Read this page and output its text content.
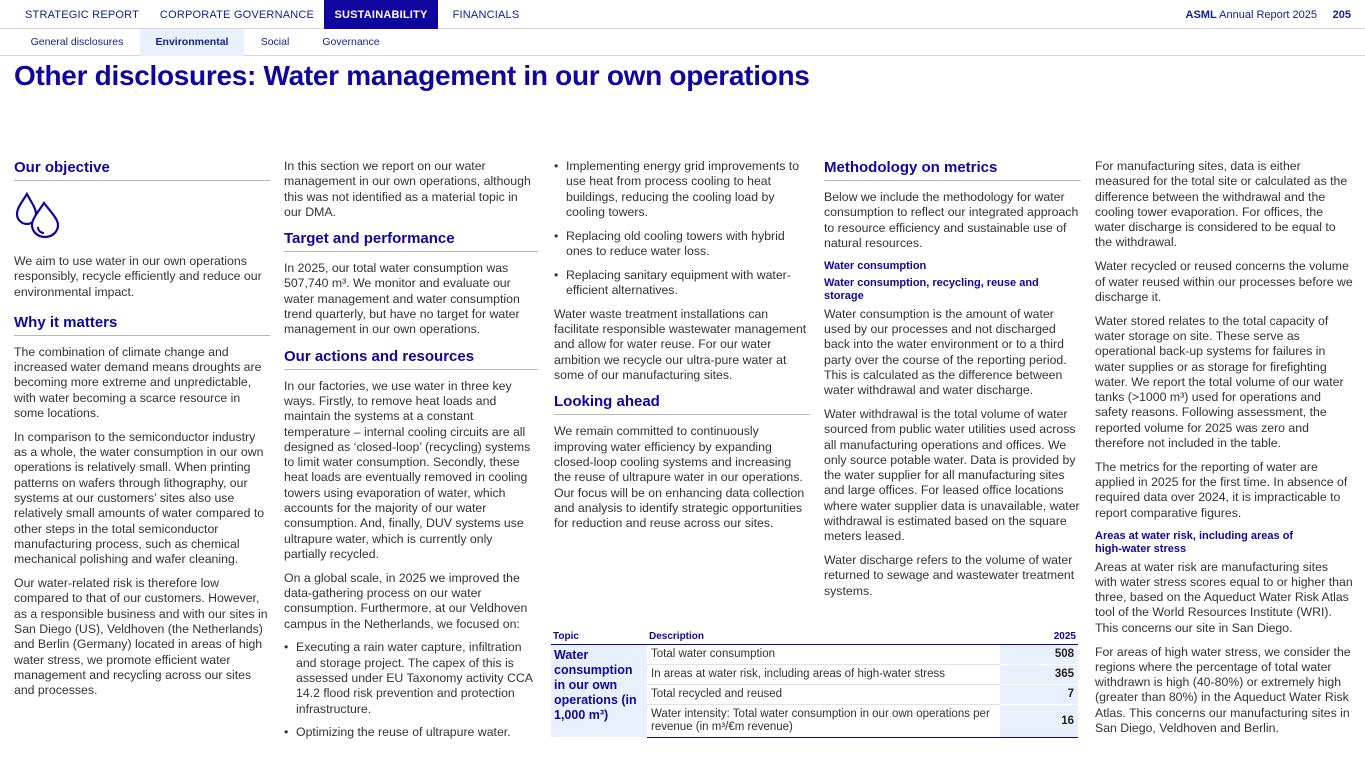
STRATEGIC REPORT	CORPORATE GOVERNANCE	SUSTAINABILITY	FINANCIALS	ASML Annual Report 2025 205
General disclosures	Environmental	Social	Governance
Other disclosures: Water management in our own operations
Our objective

We aim to use water in our own operations responsibly, recycle efficiently and reduce our environmental impact.

Why it matters

The combination of climate change and increased water demand means droughts are becoming more extreme and unpredictable, with water becoming a scarce resource in some locations.

In comparison to the semiconductor industry as a whole, the water consumption in our own operations is relatively small. When printing patterns on wafers through lithography, our systems at our customers’ sites also use relatively small amounts of water compared to other steps in the total semiconductor manufacturing process, such as chemical mechanical polishing and wafer cleaning.

Our water-related risk is therefore low compared to that of our customers. However, as a responsible business and with our sites in San Diego (US), Veldhoven (the Netherlands) and Berlin (Germany) located in areas of high water stress, we promote efficient water management and recycling across our sites and processes.

In this section we report on our water management in our own operations, although this was not identified as a material topic in our DMA.

Target and performance

In 2025, our total water consumption was 507,740 m³. We monitor and evaluate our water management and water consumption trend quarterly, but have no target for water management in our own operations.

Our actions and resources

In our factories, we use water in three key ways. Firstly, to remove heat loads and maintain the systems at a constant temperature – internal cooling circuits are all designed as ‘closed-loop’ (recycling) systems to limit water consumption. Secondly, these heat loads are eventually removed in cooling towers using evaporation of water, which accounts for the majority of our water consumption. And, finally, DUV systems use ultrapure water, which is currently only partially recycled.

On a global scale, in 2025 we improved the data-gathering process on our water consumption. Furthermore, at our Veldhoven campus in the Netherlands, we focused on:

• Executing a rain water capture, infiltration and storage project. The capex of this is assessed under EU Taxonomy activity CCA 14.2 flood risk prevention and protection infrastructure.
• Optimizing the reuse of ultrapure water.
• Implementing energy grid improvements to use heat from process cooling to heat buildings, reducing the cooling load by cooling towers.
• Replacing old cooling towers with hybrid ones to reduce water loss.
• Replacing sanitary equipment with water-efficient alternatives.

Water waste treatment installations can facilitate responsible wastewater management and allow for water reuse. For our water ambition we recycle our ultra-pure water at some of our manufacturing sites.

Looking ahead

We remain committed to continuously improving water efficiency by expanding closed-loop cooling systems and increasing the reuse of ultrapure water in our operations. Our focus will be on enhancing data collection and analysis to identify strategic opportunities for reduction and reuse across our sites.

Methodology on metrics

Below we include the methodology for water consumption to reflect our integrated approach to resource efficiency and sustainable use of natural resources.

Water consumption
Water consumption, recycling, reuse and storage

Water consumption is the amount of water used by our processes and not discharged back into the water environment or to a third party over the course of the reporting period. This is calculated as the difference between water withdrawal and water discharge.

Water withdrawal is the total volume of water sourced from public water utilities used across all manufacturing operations and offices. We only source potable water. Data is provided by the water supplier for all manufacturing sites and large offices. For leased office locations where water supplier data is unavailable, water withdrawal is estimated based on the square meters leased.

Water discharge refers to the volume of water returned to sewage and wastewater treatment systems.

For manufacturing sites, data is either measured for the total site or calculated as the difference between the withdrawal and the cooling tower evaporation. For offices, the water discharge is considered to be equal to the withdrawal.

Water recycled or reused concerns the volume of water reused within our processes before we discharge it.

Water stored relates to the total capacity of water storage on site. These serve as operational back-up systems for failures in water supplies or as storage for firefighting water. We report the total volume of our water tanks (>1000 m³) used for operations and safety reasons. Following assessment, the reported volume for 2025 was zero and therefore not included in the table.

The metrics for the reporting of water are applied in 2025 for the first time. In absence of required data over 2024, it is impracticable to report comparative figures.

Areas at water risk, including areas of high-water stress

Areas at water risk are manufacturing sites with water stress scores equal to or higher than three, based on the Aqueduct Water Risk Atlas tool of the World Resources Institute (WRI). This concerns our site in San Diego.

For areas of high water stress, we consider the regions where the percentage of total water withdrawn is high (40-80%) or extremely high (greater than 80%) in the Aqueduct Water Risk Atlas. This concerns our manufacturing sites in San Diego, Veldhoven and Berlin.

Topic	Description	2025
Water consumption in our own operations (in 1,000 m³)	Total water consumption	508
	In areas at water risk, including areas of high-water stress	365
	Total recycled and reused	7
	Water intensity: Total water consumption in our own operations per revenue (in m³/€m revenue)	16
